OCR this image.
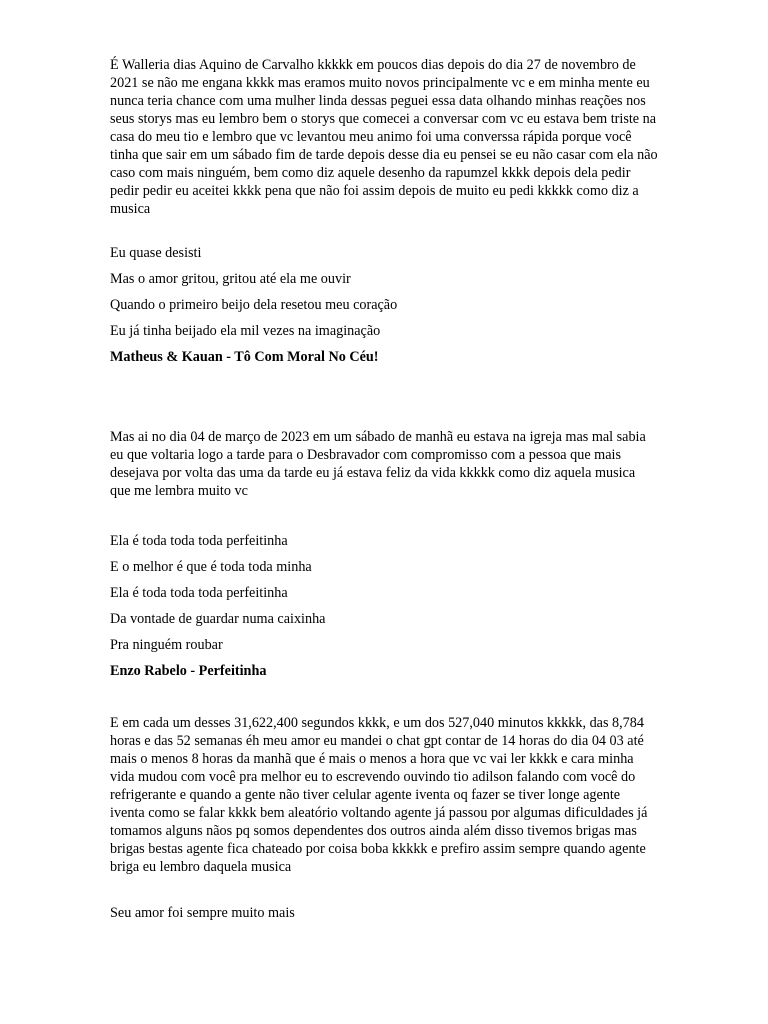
É Walleria dias Aquino de Carvalho kkkkk em poucos dias depois do dia 27 de novembro de
2021 se não me engana kkkk mas eramos muito novos principalmente vc e em minha mente eu
nunca teria chance com uma mulher linda dessas peguei essa data olhando minhas reações nos
seus storys mas eu lembro bem o storys que comecei a conversar com vc eu estava bem triste na
casa do meu tio e lembro que vc levantou meu animo foi uma converssa rápida porque você
tinha que sair em um sábado fim de tarde depois desse dia eu pensei se eu não casar com ela não
caso com mais ninguém, bem como diz aquele desenho da rapumzel kkkk depois dela pedir
pedir pedir eu aceitei kkkk pena que não foi assim depois de muito eu pedi kkkkk como diz a
musica

Eu quase desisti

Mas o amor gritou, gritou até ela me ouvir

Quando o primeiro beijo dela resetou meu coração

Eu já tinha beijado ela mil vezes na imaginação

Matheus & Kauan - Tô Com Moral No Céu!

Mas ai no dia 04 de março de 2023 em um sábado de manhã eu estava na igreja mas mal sabia
eu que voltaria logo a tarde para o Desbravador com compromisso com a pessoa que mais
desejava por volta das uma da tarde eu já estava feliz da vida kkkkk como diz aquela musica
que me lembra muito vc

Ela é toda toda toda perfeitinha

E o melhor é que é toda toda minha

Ela é toda toda toda perfeitinha

Da vontade de guardar numa caixinha

Pra ninguém roubar

Enzo Rabelo - Perfeitinha

E em cada um desses 31,622,400 segundos kkkk, e um dos 527,040 minutos kkkkk, das 8,784
horas e das 52 semanas éh meu amor eu mandei o chat gpt contar de 14 horas do dia 04 03 até
mais o menos 8 horas da manhã que é mais o menos a hora que vc vai ler kkkk e cara minha
vida mudou com você pra melhor eu to escrevendo ouvindo tio adilson falando com você do
refrigerante e quando a gente não tiver celular agente iventa oq fazer se tiver longe agente
iventa como se falar kkkk bem aleatório voltando agente já passou por algumas dificuldades já
tomamos alguns nãos pq somos dependentes dos outros ainda além disso tivemos brigas mas
brigas bestas agente fica chateado por coisa boba kkkkk e prefiro assim sempre quando agente
briga eu lembro daquela musica

Seu amor foi sempre muito mais
